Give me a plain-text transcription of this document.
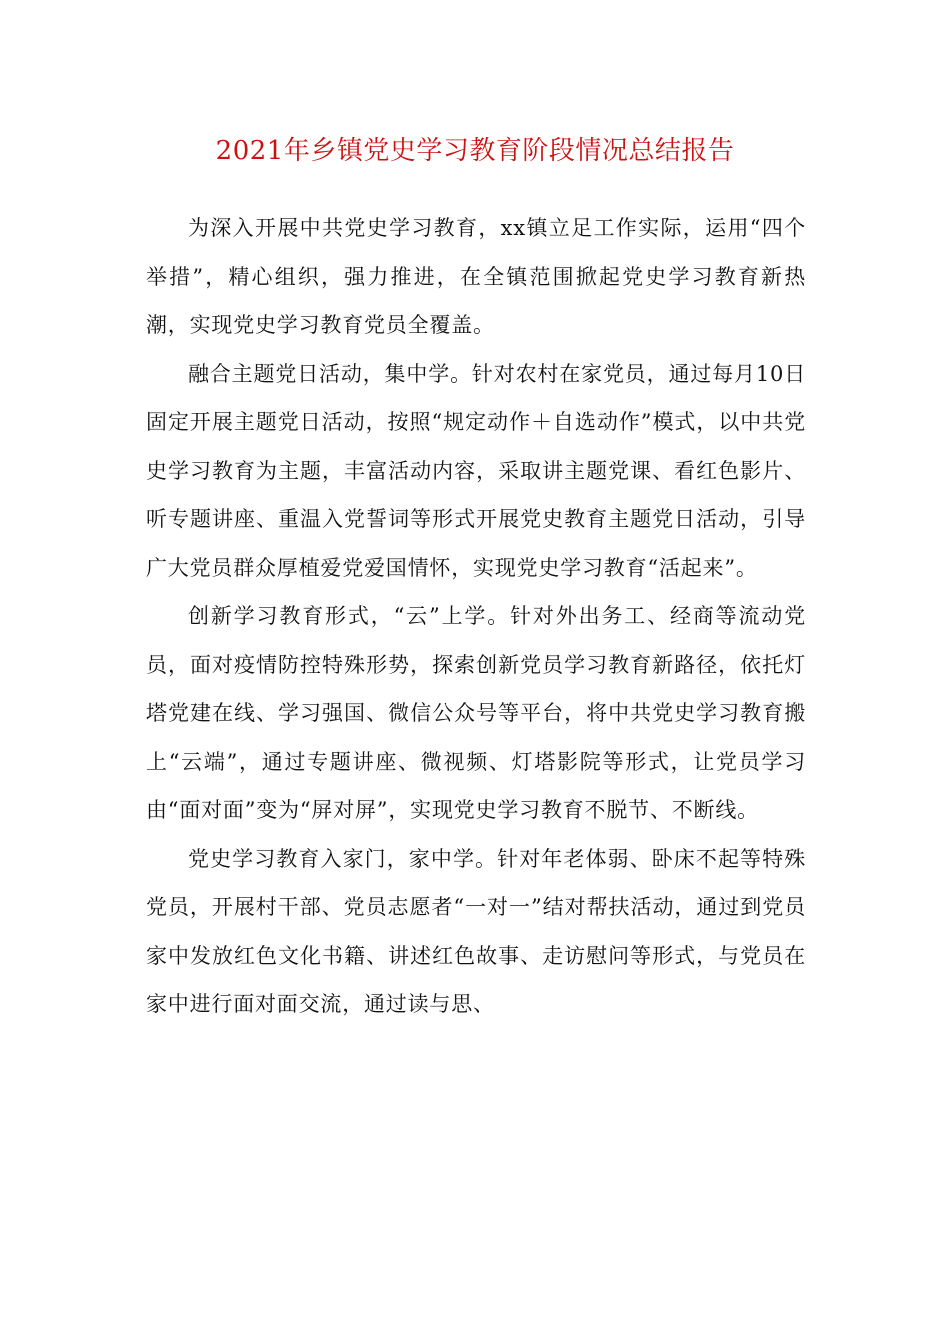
2021年乡镇党史学习教育阶段情况总结报告

为深入开展中共党史学习教育，xx镇立足工作实际，运用“四个举措”，精心组织，强力推进，在全镇范围掀起党史学习教育新热潮，实现党史学习教育党员全覆盖。

融合主题党日活动，集中学。针对农村在家党员，通过每月10日固定开展主题党日活动，按照“规定动作＋自选动作”模式，以中共党史学习教育为主题，丰富活动内容，采取讲主题党课、看红色影片、听专题讲座、重温入党誓词等形式开展党史教育主题党日活动，引导广大党员群众厚植爱党爱国情怀，实现党史学习教育“活起来”。

创新学习教育形式，“云”上学。针对外出务工、经商等流动党员，面对疫情防控特殊形势，探索创新党员学习教育新路径，依托灯塔党建在线、学习强国、微信公众号等平台，将中共党史学习教育搬上“云端”，通过专题讲座、微视频、灯塔影院等形式，让党员学习由“面对面”变为“屏对屏”，实现党史学习教育不脱节、不断线。

党史学习教育入家门，家中学。针对年老体弱、卧床不起等特殊党员，开展村干部、党员志愿者“一对一”结对帮扶活动，通过到党员家中发放红色文化书籍、讲述红色故事、走访慰问等形式，与党员在家中进行面对面交流，通过读与思、
